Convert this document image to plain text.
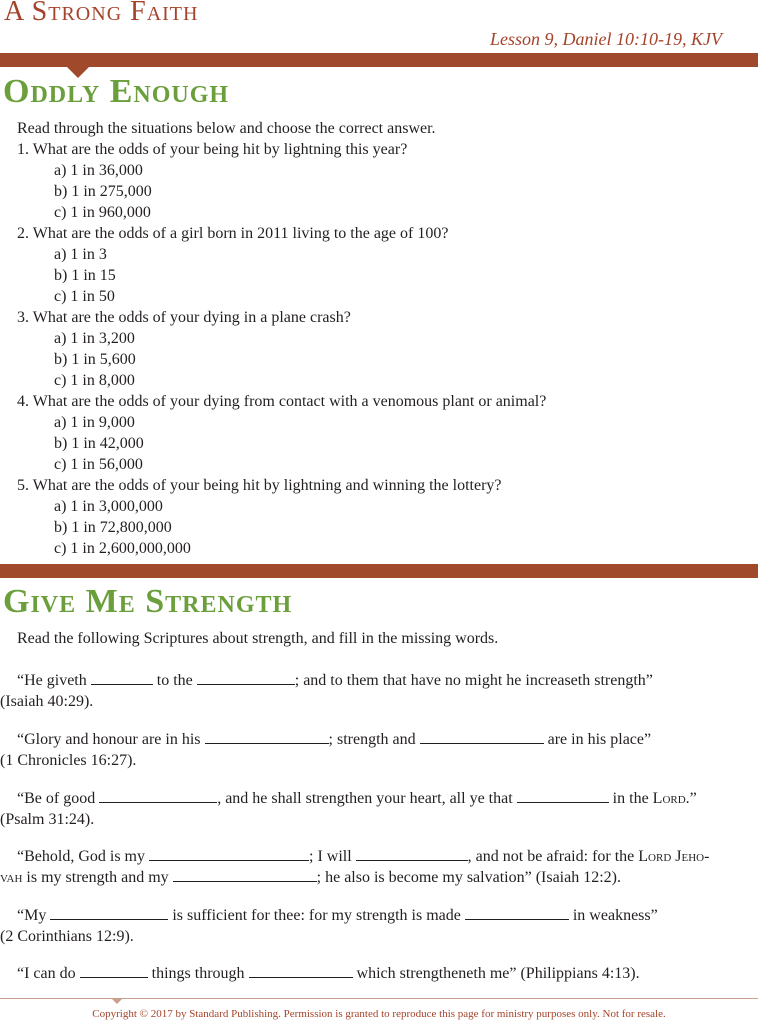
A Strong Faith
Lesson 9, Daniel 10:10-19, KJV
Oddly Enough
Read through the situations below and choose the correct answer.
1. What are the odds of your being hit by lightning this year?
a) 1 in 36,000
b) 1 in 275,000
c) 1 in 960,000
2. What are the odds of a girl born in 2011 living to the age of 100?
a) 1 in 3
b) 1 in 15
c) 1 in 50
3. What are the odds of your dying in a plane crash?
a) 1 in 3,200
b) 1 in 5,600
c) 1 in 8,000
4. What are the odds of your dying from contact with a venomous plant or animal?
a) 1 in 9,000
b) 1 in 42,000
c) 1 in 56,000
5. What are the odds of your being hit by lightning and winning the lottery?
a) 1 in 3,000,000
b) 1 in 72,800,000
c) 1 in 2,600,000,000
Give Me Strength
Read the following Scriptures about strength, and fill in the missing words.
“He giveth	to the	; and to them that have no might he increaseth strength”
(Isaiah 40:29).
“Glory and honour are in his	; strength and	are in his place”
(1 Chronicles 16:27).
“Be of good	, and he shall strengthen your heart, all ye that	in the Lord.”
(Psalm 31:24).
“Behold, God is my	; I will	, and not be afraid: for the Lord Jeho-
vah is my strength and my	; he also is become my salvation” (Isaiah 12:2).
“My	is sufficient for thee: for my strength is made	in weakness”
(2 Corinthians 12:9).
“I can do	things through	which strengtheneth me” (Philippians 4:13).
Copyright © 2017 by Standard Publishing. Permission is granted to reproduce this page for ministry purposes only. Not for resale.
